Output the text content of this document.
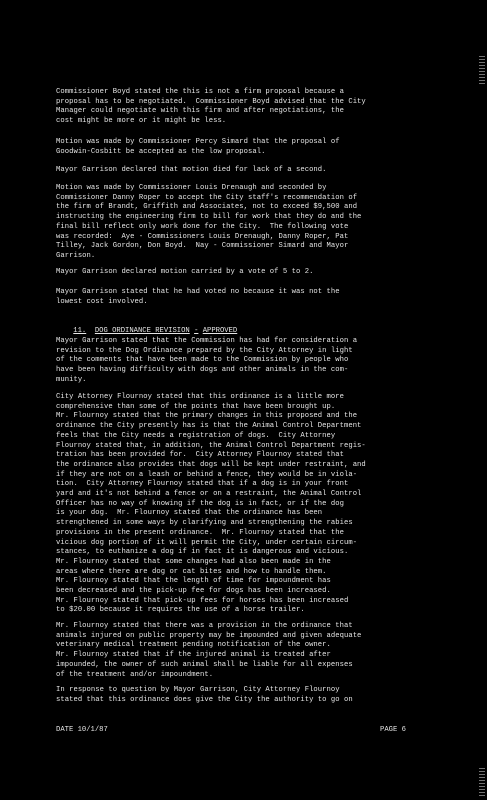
Commissioner Boyd stated the this is not a firm proposal because a
proposal has to be negotiated.  Commissioner Boyd advised that the City
Manager could negotiate with this firm and after negotiations, the
cost might be more or it might be less.
Motion was made by Commissioner Percy Simard that the proposal of
Goodwin-Cosbitt be accepted as the low proposal.
Mayor Garrison declared that motion died for lack of a second.
Motion was made by Commissioner Louis Drenaugh and seconded by
Commissioner Danny Roper to accept the City staff's recommendation of
the firm of Brandt, Griffith and Associates, not to exceed $9,500 and
instructing the engineering firm to bill for work that they do and the
final bill reflect only work done for the City.  The following vote
was recorded:  Aye - Commissioners Louis Drenaugh, Danny Roper, Pat
Tilley, Jack Gordon, Don Boyd.  Nay - Commissioner Simard and Mayor
Garrison.
Mayor Garrison declared motion carried by a vote of 5 to 2.
Mayor Garrison stated that he had voted no because it was not the
lowest cost involved.

11. DOG ORDINANCE REVISION - APPROVED

Mayor Garrison stated that the Commission has had for consideration a
revision to the Dog Ordinance prepared by the City Attorney in light
of the comments that have been made to the Commission by people who
have been having difficulty with dogs and other animals in the com-
munity.
City Attorney Flournoy stated that this ordinance is a little more
comprehensive than some of the points that have been brought up.
Mr. Flournoy stated that the primary changes in this proposed and the
ordinance the City presently has is that the Animal Control Department
feels that the City needs a registration of dogs.  City Attorney
Flournoy stated that, in addition, the Animal Control Department regis-
tration has been provided for.  City Attorney Flournoy stated that
the ordinance also provides that dogs will be kept under restraint, and
if they are not on a leash or behind a fence, they would be in viola-
tion.  City Attorney Flournoy stated that if a dog is in your front
yard and it's not behind a fence or on a restraint, the Animal Control
Officer has no way of knowing if the dog is in fact, or if the dog
is your dog.  Mr. Flournoy stated that the ordinance has been
strengthened in some ways by clarifying and strengthening the rabies
provisions in the present ordinance.  Mr. Flournoy stated that the
vicious dog portion of it will permit the City, under certain circum-
stances, to euthanize a dog if in fact it is dangerous and vicious.
Mr. Flournoy stated that some changes had also been made in the
areas where there are dog or cat bites and how to handle them.
Mr. Flournoy stated that the length of time for impoundment has
been decreased and the pick-up fee for dogs has been increased.
Mr. Flournoy stated that pick-up fees for horses has been increased
to $20.00 because it requires the use of a horse trailer.
Mr. Flournoy stated that there was a provision in the ordinance that
animals injured on public property may be impounded and given adequate
veterinary medical treatment pending notification of the owner.
Mr. Flournoy stated that if the injured animal is treated after
impounded, the owner of such animal shall be liable for all expenses
of the treatment and/or impoundment.
In response to question by Mayor Garrison, City Attorney Flournoy
stated that this ordinance does give the City the authority to go on
DATE 10/1/87	PAGE 6
